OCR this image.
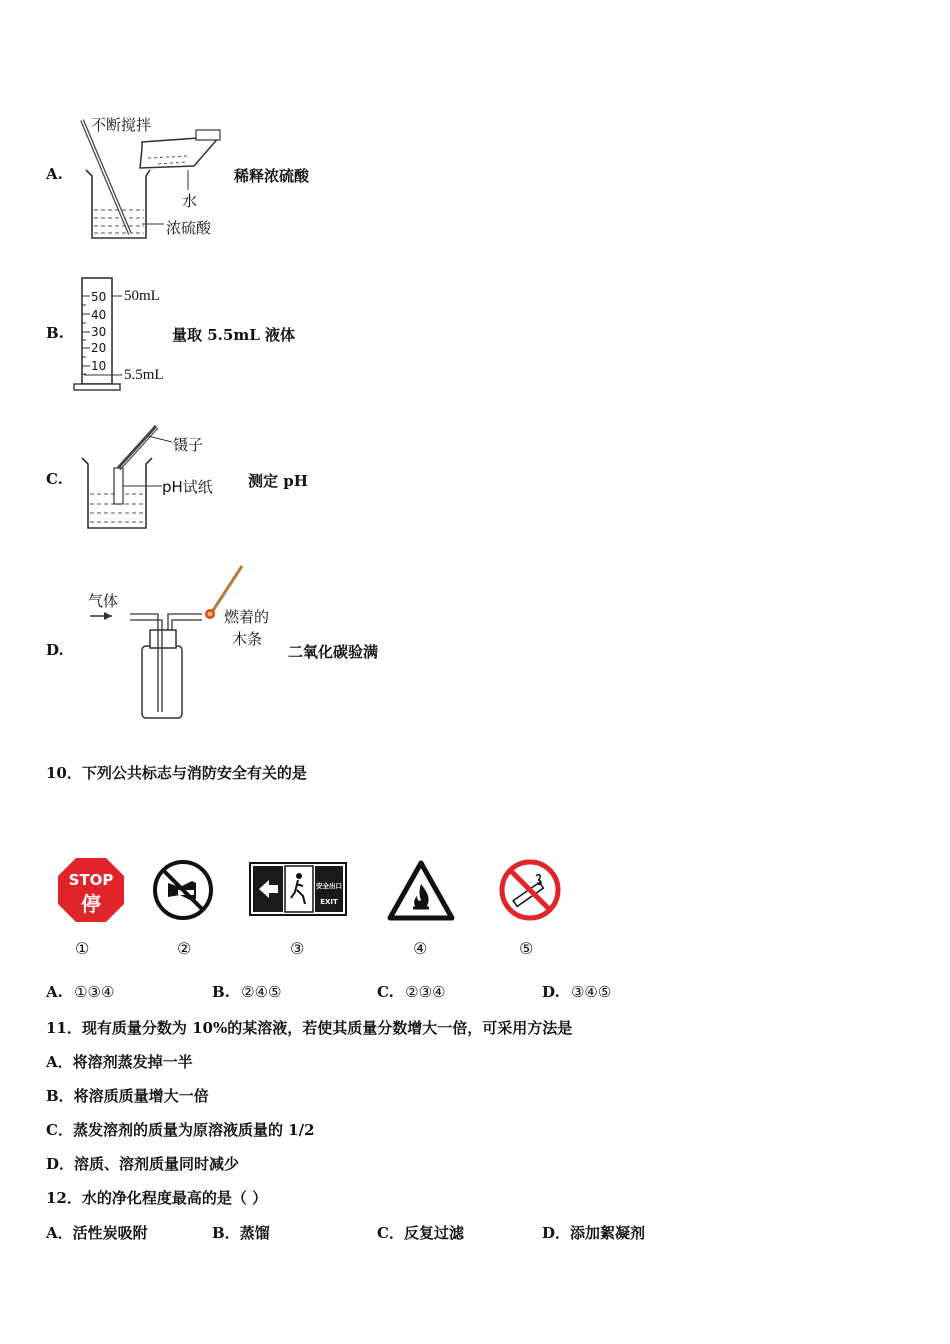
A.
不断搅拌
水
浓硫酸
稀释浓硫酸
B.
50
40
30
20
10
50mL
5.5mL
量取 5.5mL 液体
C.
镊子
pH试纸 测定 pH
D.
气体
燃着的
木条
二氧化碳验满
10．下列公共标志与消防安全有关的是
STOP
停
安全出口
EXIT
①	②	③	④	⑤
A. ①③④	B. ②④⑤	C. ②③④	D. ③④⑤
11．现有质量分数为 10%的某溶液，若使其质量分数增大一倍，可采用方法是
A．将溶剂蒸发掉一半
B．将溶质质量增大一倍
C．蒸发溶剂的质量为原溶液质量的 1/2
D．溶质、溶剂质量同时减少
12．水的净化程度最高的是（ ）
A．活性炭吸附	B．蒸馏	C．反复过滤	D．添加絮凝剂
